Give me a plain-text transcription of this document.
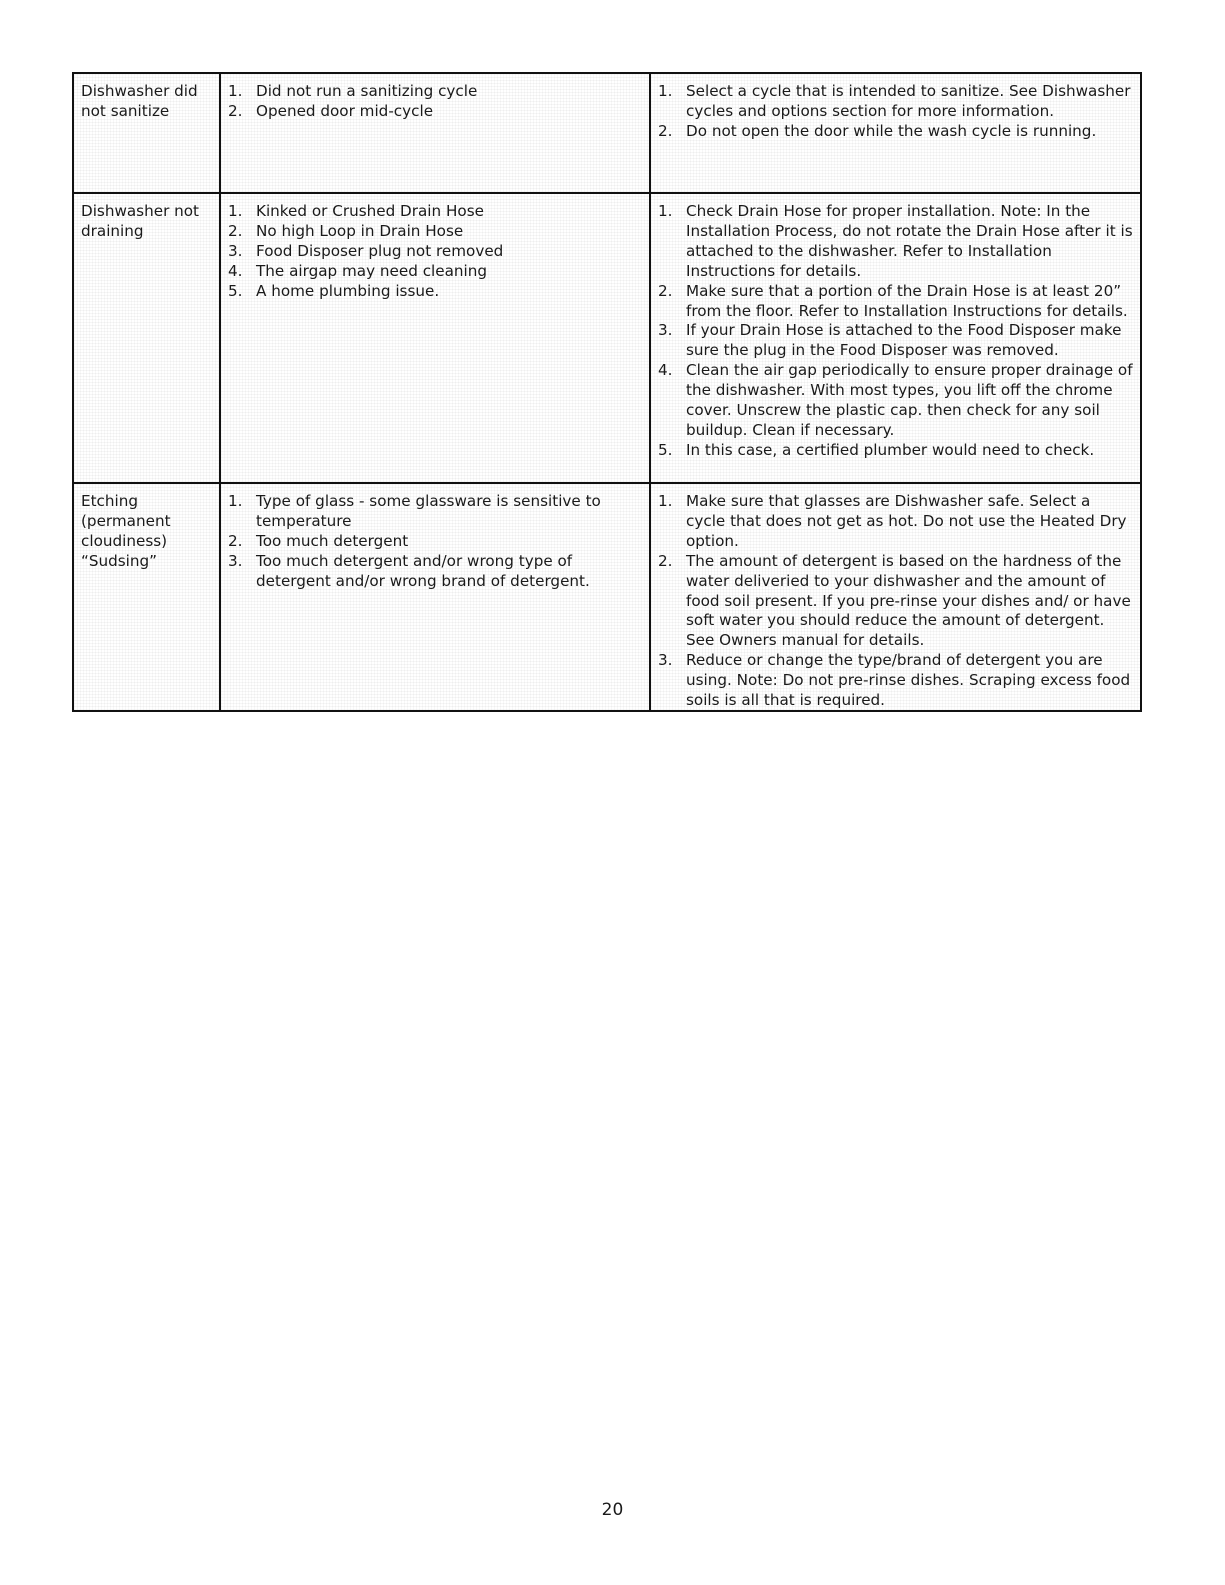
Dishwasher did
not sanitize
1. Did not run a sanitizing cycle
2. Opened door mid-cycle
1. Select a cycle that is intended to sanitize. See Dishwasher cycles and options section for more information.
2. Do not open the door while the wash cycle is running.
Dishwasher not
draining
1. Kinked or Crushed Drain Hose
2. No high Loop in Drain Hose
3. Food Disposer plug not removed
4. The airgap may need cleaning
5. A home plumbing issue.
1. Check Drain Hose for proper installation. Note: In the Installation Process, do not rotate the Drain Hose after it is attached to the dishwasher. Refer to Installation Instructions for details.
2. Make sure that a portion of the Drain Hose is at least 20” from the floor. Refer to Installation Instructions for details.
3. If your Drain Hose is attached to the Food Disposer make sure the plug in the Food Disposer was removed.
4. Clean the air gap periodically to ensure proper drainage of the dishwasher. With most types, you lift off the chrome cover. Unscrew the plastic cap. then check for any soil buildup. Clean if necessary.
5. In this case, a certified plumber would need to check.
Etching
(permanent
cloudiness)
“Sudsing”
1. Type of glass - some glassware is sensitive to temperature
2. Too much detergent
3. Too much detergent and/or wrong type of detergent and/or wrong brand of detergent.
1. Make sure that glasses are Dishwasher safe. Select a cycle that does not get as hot. Do not use the Heated Dry option.
2. The amount of detergent is based on the hardness of the water deliveried to your dishwasher and the amount of food soil present. If you pre-rinse your dishes and/ or have soft water you should reduce the amount of detergent. See Owners manual for details.
3. Reduce or change the type/brand of detergent you are using. Note: Do not pre-rinse dishes. Scraping excess food soils is all that is required.
20
